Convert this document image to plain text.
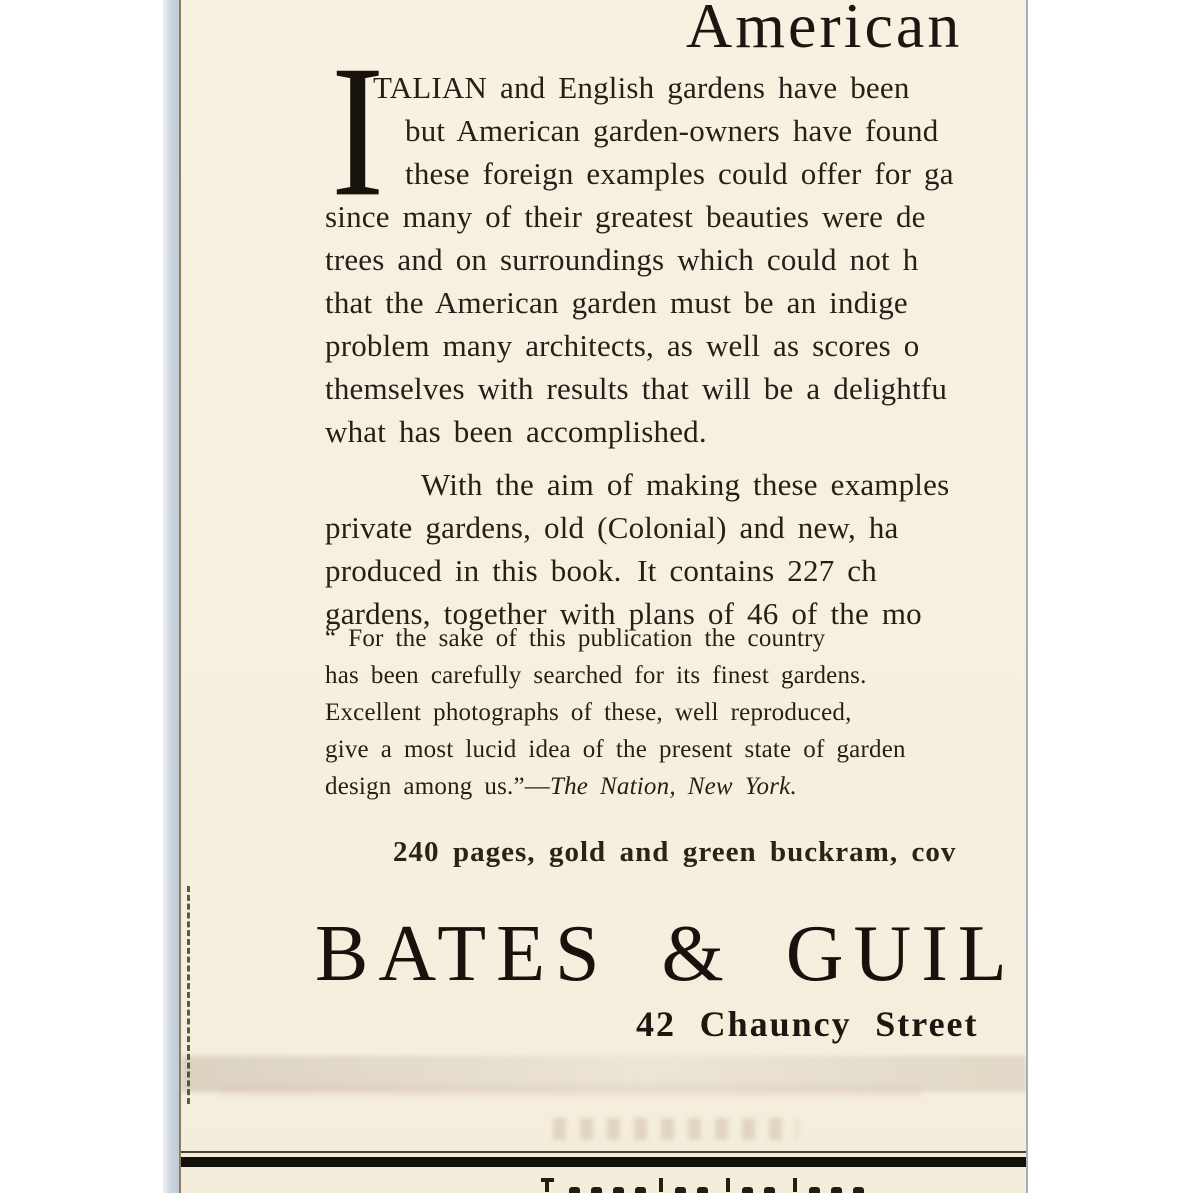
American
I
TALIAN and English gardens have been
but American garden-owners have found
these foreign examples could offer for ga
since many of their greatest beauties were de
trees and on surroundings which could not h
that the American garden must be an indige
problem many architects, as well as scores o
themselves with results that will be a delightfu
what has been accomplished.
With the aim of making these examples
private gardens, old (Colonial) and new, ha
produced in this book. It contains 227 ch
gardens, together with plans of 46 of the mo
“ For the sake of this publication the country
has been carefully searched for its finest gardens.
Excellent photographs of these, well reproduced,
give a most lucid idea of the present state of garden
design among us.”—The Nation, New York.
240 pages, gold and green buckram, cov
BATES & GUIL
42 Chauncy Street
